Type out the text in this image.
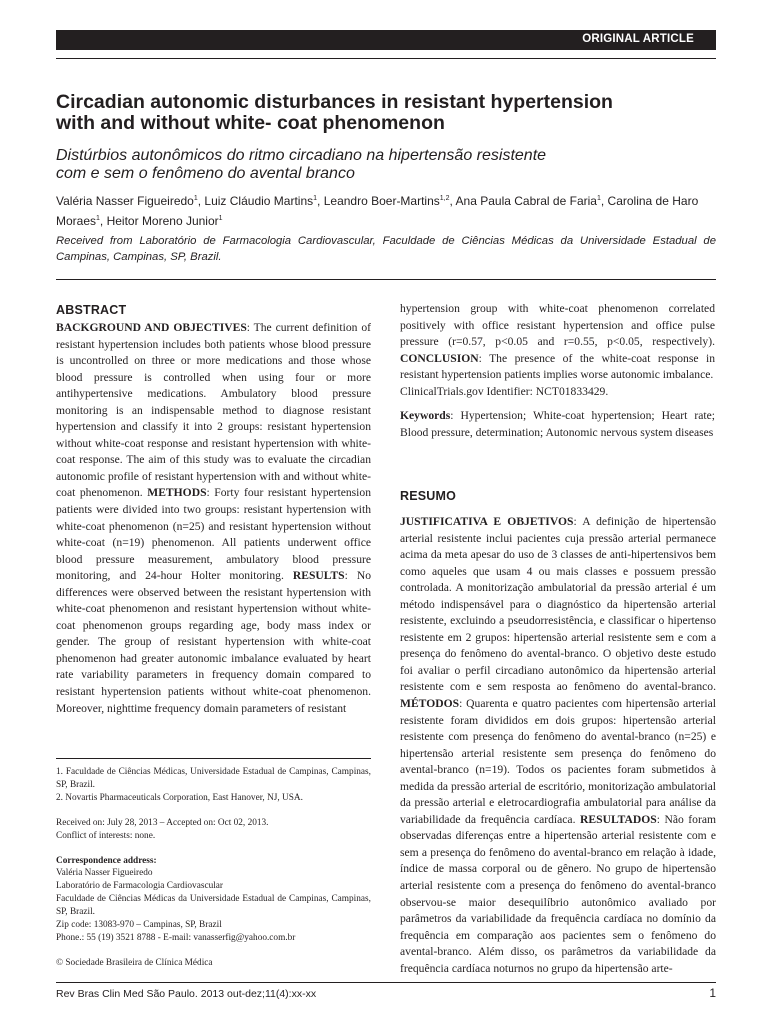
ORIGINAL ARTICLE
Circadian autonomic disturbances in resistant hypertension
with and without white- coat phenomenon
Distúrbios autonômicos do ritmo circadiano na hipertensão resistente
com e sem o fenômeno do avental branco
Valéria Nasser Figueiredo$^1$, Luiz Cláudio Martins$^1$, Leandro Boer-Martins$^{1,2}$, Ana Paula Cabral de Faria$^1$, Carolina de Haro Moraes$^1$, Heitor Moreno Junior$^1$
Received from Laboratório de Farmacologia Cardiovascular, Faculdade de Ciências Médicas da Universidade Estadual de Campinas, Campinas, SP, Brazil.
ABSTRACT

BACKGROUND AND OBJECTIVES: The current definition of resistant hypertension includes both patients whose blood pressure is uncontrolled on three or more medications and those whose blood pressure is controlled when using four or more antihypertensive medications. Ambulatory blood pressure monitoring is an indispensable method to diagnose resistant hypertension and classify it into 2 groups: resistant hypertension without white-coat response and resistant hypertension with white-coat response. The aim of this study was to evaluate the circadian autonomic profile of resistant hypertension with and without white-coat phenomenon. METHODS: Forty four resistant hypertension patients were divided into two groups: resistant hypertension with white-coat phenomenon (n=25) and resistant hypertension without white-coat (n=19) phenomenon. All patients underwent office blood pressure measurement, ambulatory blood pressure monitoring, and 24-hour Holter monitoring. RESULTS: No differences were observed between the resistant hypertension with white-coat phenomenon and resistant hypertension without white-coat phenomenon groups regarding age, body mass index or gender. The group of resistant hypertension with white-coat phenomenon had greater autonomic imbalance evaluated by heart rate variability parameters in frequency domain compared to resistant hypertension patients without white-coat phenomenon. Moreover, nighttime frequency domain parameters of resistant

hypertension group with white-coat phenomenon correlated positively with office resistant hypertension and office pulse pressure (r=0.57, p<0.05 and r=0.55, p<0.05, respectively). CONCLUSION: The presence of the white-coat response in resistant hypertension patients implies worse autonomic imbalance.

ClinicalTrials.gov Identifier: NCT01833429.

Keywords: Hypertension; White-coat hypertension; Heart rate; Blood pressure, determination; Autonomic nervous system diseases

RESUMO

JUSTIFICATIVA E OBJETIVOS: A definição de hipertensão arterial resistente inclui pacientes cuja pressão arterial permanece acima da meta apesar do uso de 3 classes de anti-hipertensivos bem como aqueles que usam 4 ou mais classes e possuem pressão controlada. A monitorização ambulatorial da pressão arterial é um método indispensável para o diagnóstico da hipertensão arterial resistente, excluindo a pseudorresistência, e classificar o hipertenso resistente em 2 grupos: hipertensão arterial resistente sem e com a presença do fenômeno do avental-branco. O objetivo deste estudo foi avaliar o perfil circadiano autonômico da hipertensão arterial resistente com e sem resposta ao fenômeno do avental-branco. MÉTODOS: Quarenta e quatro pacientes com hipertensão arterial resistente foram divididos em dois grupos: hipertensão arterial resistente com presença do fenômeno do avental-branco (n=25) e hipertensão arterial resistente sem presença do fenômeno do avental-branco (n=19). Todos os pacientes foram submetidos à medida da pressão arterial de escritório, monitorização ambulatorial da pressão arterial e eletrocardiografia ambulatorial para análise da variabilidade da frequência cardíaca. RESULTADOS: Não foram observadas diferenças entre a hipertensão arterial resistente com e sem a presença do fenômeno do avental-branco em relação à idade, índice de massa corporal ou de gênero. No grupo de hipertensão arterial resistente com a presença do fenômeno do avental-branco observou-se maior desequilíbrio autonômico avaliado por parâmetros da variabilidade da frequência cardíaca no domínio da frequência em comparação aos pacientes sem o fenômeno do avental-branco. Além disso, os parâmetros da variabilidade da frequência cardíaca noturnos no grupo da hipertensão arte-

1. Faculdade de Ciências Médicas, Universidade Estadual de Campinas, Campinas, SP, Brazil.

2. Novartis Pharmaceuticals Corporation, East Hanover, NJ, USA.

Received on: July 28, 2013 – Accepted on: Oct 02, 2013.

Conflict of interests: none.

Correspondence address:

Valéria Nasser Figueiredo

Laboratório de Farmacologia Cardiovascular

Faculdade de Ciências Médicas da Universidade Estadual de Campinas, Campinas, SP, Brazil.

Zip code: 13083-970 – Campinas, SP, Brazil

Phone.: 55 (19) 3521 8788 - E-mail: vanasserfig@yahoo.com.br

© Sociedade Brasileira de Clínica Médica

Rev Bras Clin Med São Paulo. 2013 out-dez;11(4):xx-xx	1
